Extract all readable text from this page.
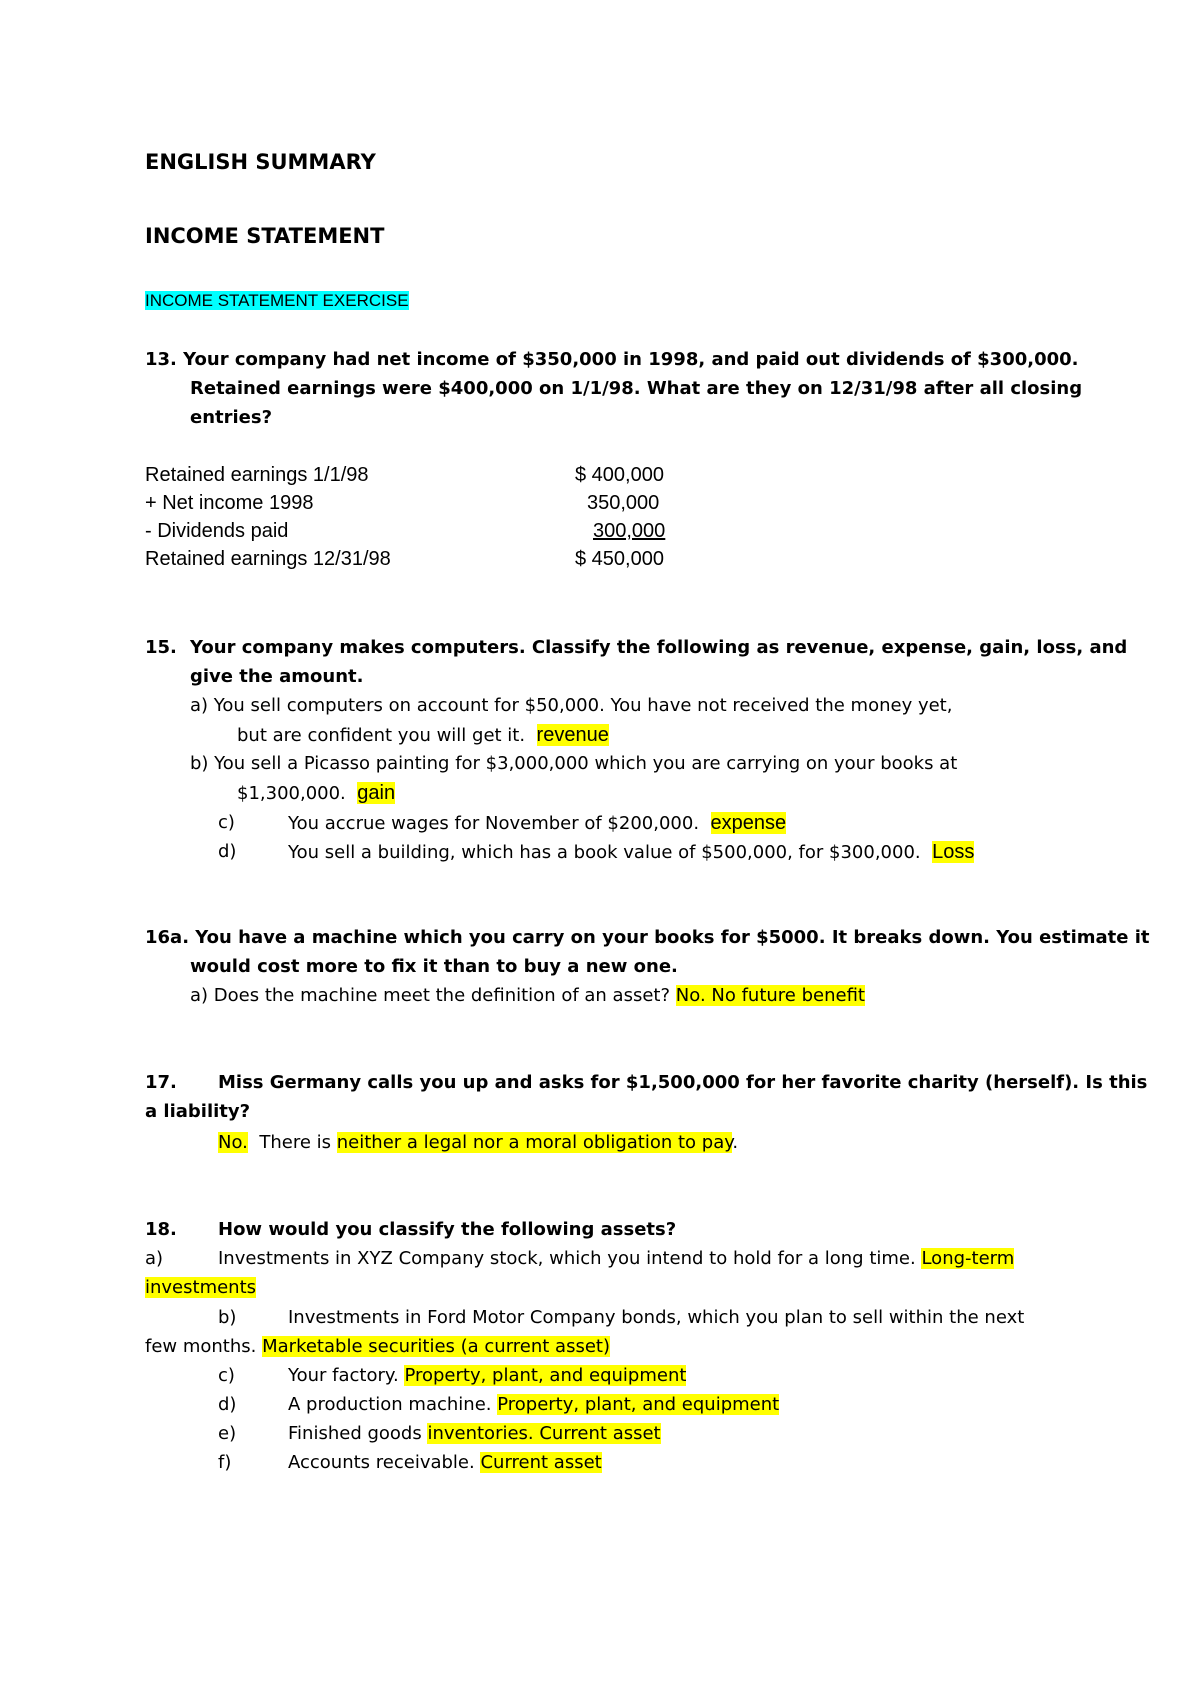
ENGLISH SUMMARY
INCOME STATEMENT
INCOME STATEMENT EXERCISE
13. Your company had net income of $350,000 in 1998, and paid out dividends of $300,000.
Retained earnings were $400,000 on 1/1/98. What are they on 12/31/98 after all closing
entries?
Retained earnings 1/1/98	$ 400,000
+ Net income 1998	350,000
- Dividends paid	300,000
Retained earnings 12/31/98	$ 450,000
15. Your company makes computers. Classify the following as revenue, expense, gain, loss, and
give the amount.
a) You sell computers on account for $50,000. You have not received the money yet,
but are confident you will get it. revenue
b) You sell a Picasso painting for $3,000,000 which you are carrying on your books at
$1,300,000. gain
c)	You accrue wages for November of $200,000. expense
d)	You sell a building, which has a book value of $500,000, for $300,000. Loss
16a. You have a machine which you carry on your books for $5000. It breaks down. You estimate it
would cost more to fix it than to buy a new one.
a) Does the machine meet the definition of an asset? No. No future benefit
17. Miss Germany calls you up and asks for $1,500,000 for her favorite charity (herself). Is this
a liability?
No. There is neither a legal nor a moral obligation to pay.
18. How would you classify the following assets?
a)	Investments in XYZ Company stock, which you intend to hold for a long time. Long-term
investments
b)	Investments in Ford Motor Company bonds, which you plan to sell within the next
few months. Marketable securities (a current asset)
c)	Your factory. Property, plant, and equipment
d)	A production machine. Property, plant, and equipment
e)	Finished goods inventories. Current asset
f)	Accounts receivable. Current asset
